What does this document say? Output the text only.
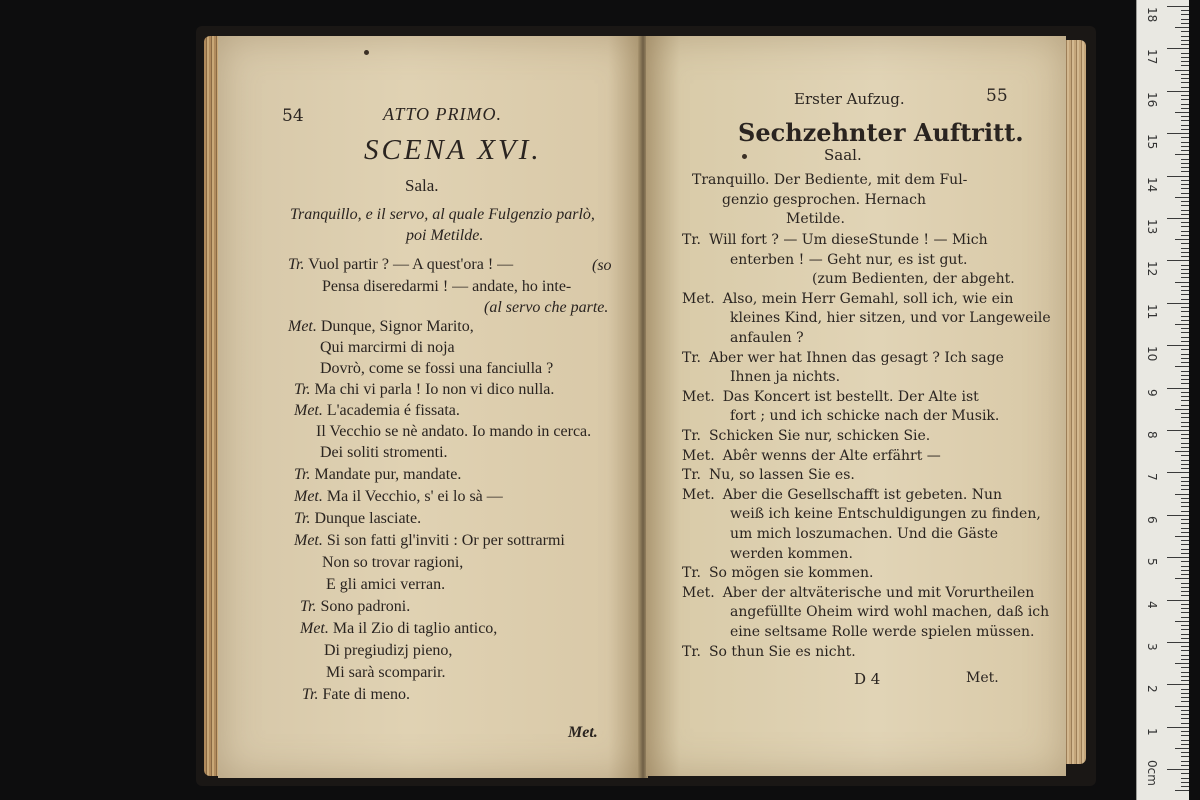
54	ATTO PRIMO.
SCENA XVI.
Sala.
Tranquillo, e il servo, al quale Fulgenzio parlò,
poi Metilde.
Tr. Vuol partir ? — A quest'ora ! —	(so
Pensa diseredarmi ! — andate, ho inte-
(al servo che parte.
Met. Dunque, Signor Marito,
Qui marcirmi di noja
Dovrò, come se fossi una fanciulla ?
Tr. Ma chi vi parla ! Io non vi dico nulla.
Met. L'academia é fissata.
Il Vecchio se nè andato. Io mando in cerca.
Dei soliti stromenti.
Tr. Mandate pur, mandate.
Met. Ma il Vecchio, s' ei lo sà —
Tr. Dunque lasciate.
Met. Si son fatti gl'inviti : Or per sottrarmi
Non so trovar ragioni,
E gli amici verran.
Tr. Sono padroni.
Met. Ma il Zio di taglio antico,
Di pregiudizj pieno,
Mi sarà scomparir.
Tr. Fate di meno.
Met.
Erster Aufzug.	55
Sechzehnter Auftritt.
Saal.
Tranquillo. Der Bediente, mit dem Ful-
genzio gesprochen. Hernach
Metilde.
Tr. Will fort ? — Um dieseStunde ! — Mich
enterben ! — Geht nur, es ist gut.
(zum Bedienten, der abgeht.
Met. Also, mein Herr Gemahl, soll ich, wie ein
kleines Kind, hier sitzen, und vor Langeweile
anfaulen ?
Tr. Aber wer hat Ihnen das gesagt ? Ich sage
Ihnen ja nichts.
Met. Das Koncert ist bestellt. Der Alte ist
fort ; und ich schicke nach der Musik.
Tr. Schicken Sie nur, schicken Sie.
Met. Abêr wenns der Alte erfährt —
Tr. Nu, so lassen Sie es.
Met. Aber die Gesellschafft ist gebeten. Nun
weiß ich keine Entschuldigungen zu finden,
um mich loszumachen. Und die Gäste
werden kommen.
Tr. So mögen sie kommen.
Met. Aber der altväterische und mit Vorurtheilen
angefüllte Oheim wird wohl machen, daß ich
eine seltsame Rolle werde spielen müssen.
Tr. So thun Sie es nicht.
D 4	Met.
18
17
16
15
14
13
12
11
10
9
8
7
6
5
4
3
2
1
0cm
